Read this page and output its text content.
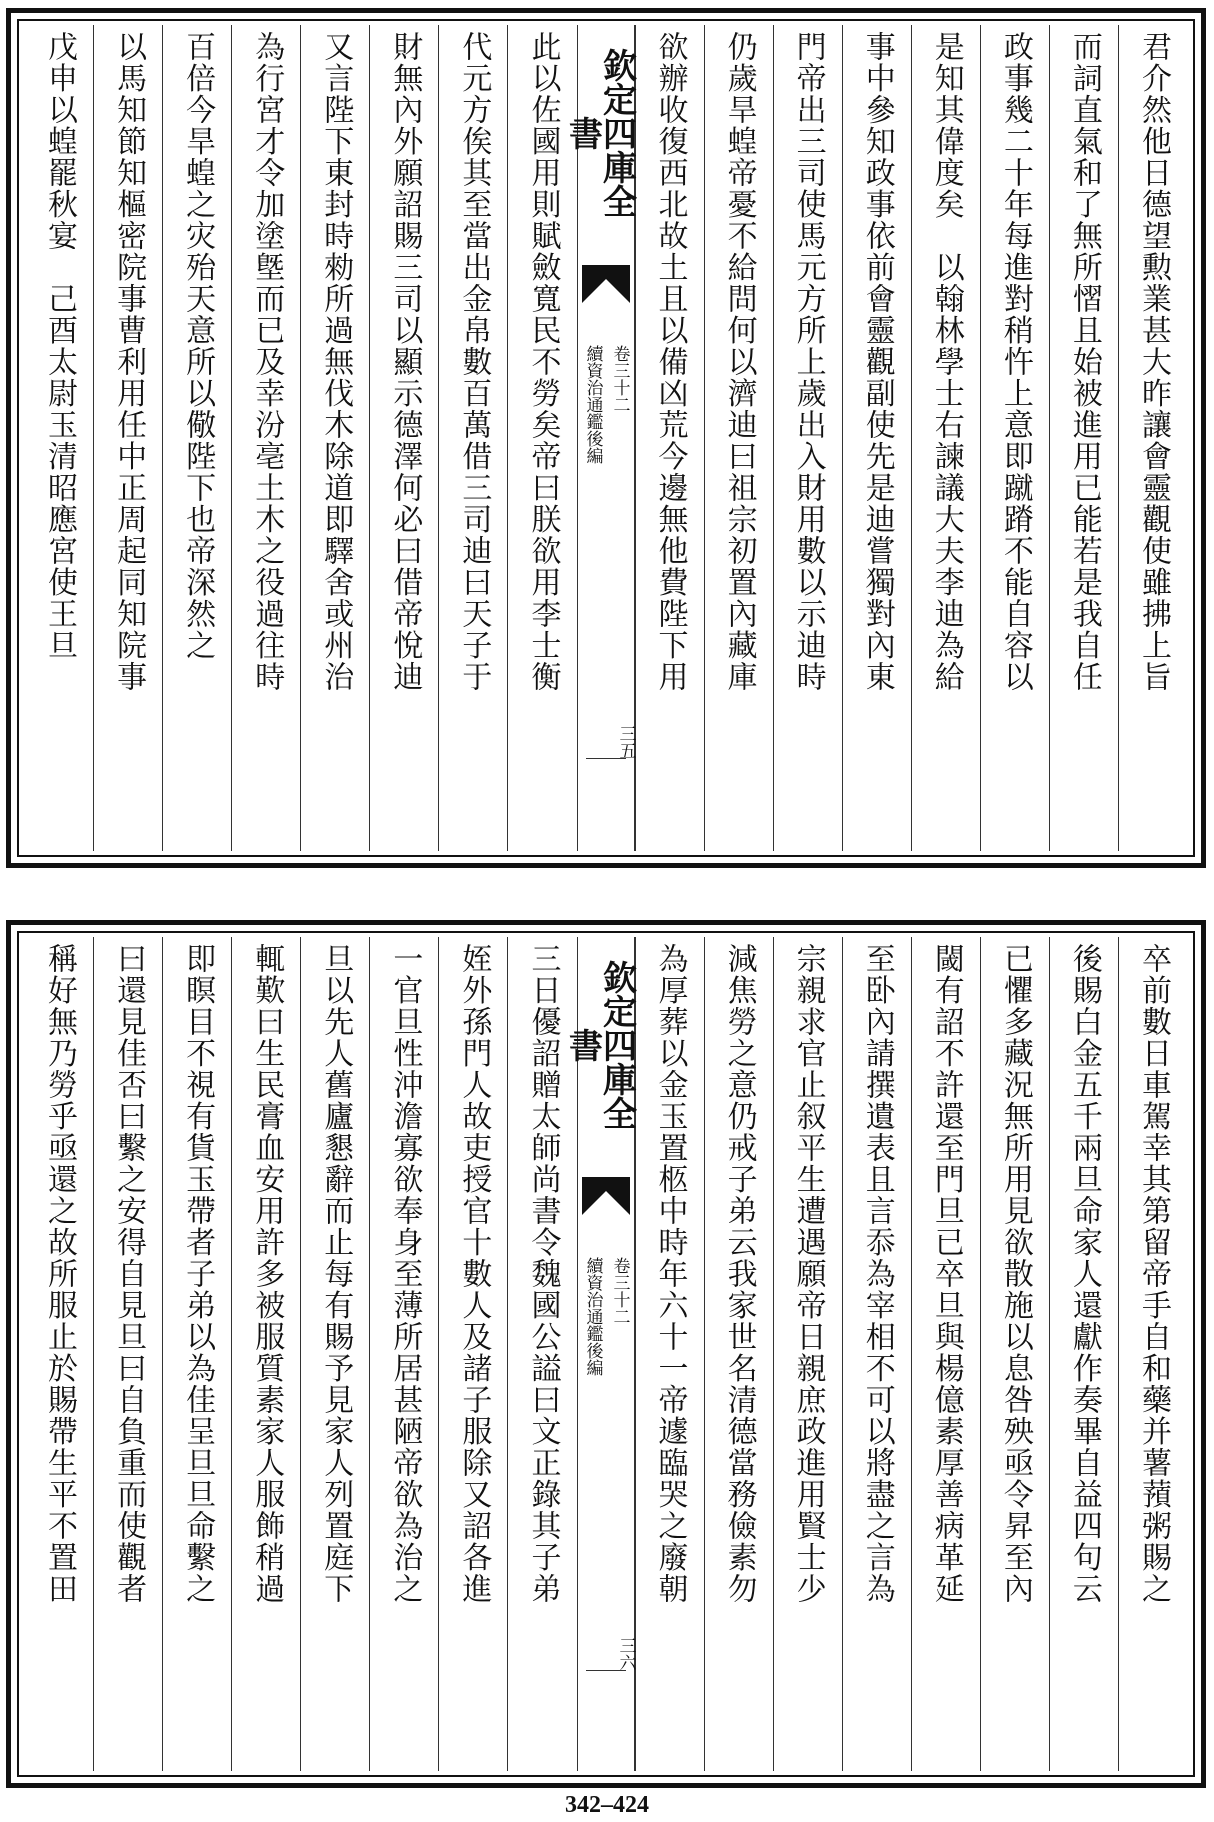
君介然他日德望勲業甚大昨讓會靈觀使雖拂上旨
而詞直氣和了無所慴且始被進用已能若是我自任
政事幾二十年每進對稍忤上意即蹴蹐不能自容以
是知其偉度矣　以翰林學士右諫議大夫李迪為給
事中參知政事依前會靈觀副使先是迪嘗獨對內東
門帝出三司使馬元方所上歲出入財用數以示迪時
仍歲旱蝗帝憂不給問何以濟迪曰祖宗初置內藏庫
欲辦收復西北故土且以備凶荒今邊無他費陛下用
欽定四庫全書
續資治通鑑後編 卷三十二
三五
此以佐國用則賦斂寬民不勞矣帝曰朕欲用李士衡
代元方俟其至當出金帛數百萬借三司迪曰天子于
財無內外願詔賜三司以顯示德澤何必曰借帝悅迪
又言陛下東封時勑所過無伐木除道即驛舍或州治
為行宮才令加塗墍而已及幸汾亳土木之役過往時
百倍今旱蝗之灾殆天意所以儆陛下也帝深然之
以馬知節知樞密院事曹利用任中正周起同知院事
戊申以蝗罷秋宴　己酉太尉玉清昭應宮使王旦
卒前數日車駕幸其第留帝手自和藥并薯蕷粥賜之
後賜白金五千兩旦命家人還獻作奏畢自益四句云
已懼多藏況無所用見欲散施以息咎殃亟令昇至內
閾有詔不許還至門旦已卒旦與楊億素厚善病革延
至卧內請撰遺表且言忝為宰相不可以將盡之言為
宗親求官止叙平生遭遇願帝日親庶政進用賢士少
減焦勞之意仍戒子弟云我家世名清德當務儉素勿
為厚葬以金玉置柩中時年六十一帝遽臨哭之廢朝
欽定四庫全書
續資治通鑑後編 卷三十二
三六
三日優詔贈太師尚書令魏國公謚曰文正錄其子弟
姪外孫門人故吏授官十數人及諸子服除又詔各進
一官旦性沖澹寡欲奉身至薄所居甚陋帝欲為治之
旦以先人舊廬懇辭而止每有賜予見家人列置庭下
輒歎曰生民膏血安用許多被服質素家人服飾稍過
即瞑目不視有貨玉帶者子弟以為佳呈旦旦命繫之
曰還見佳否曰繫之安得自見旦曰自負重而使觀者
稱好無乃勞乎亟還之故所服止於賜帶生平不置田
342–424
